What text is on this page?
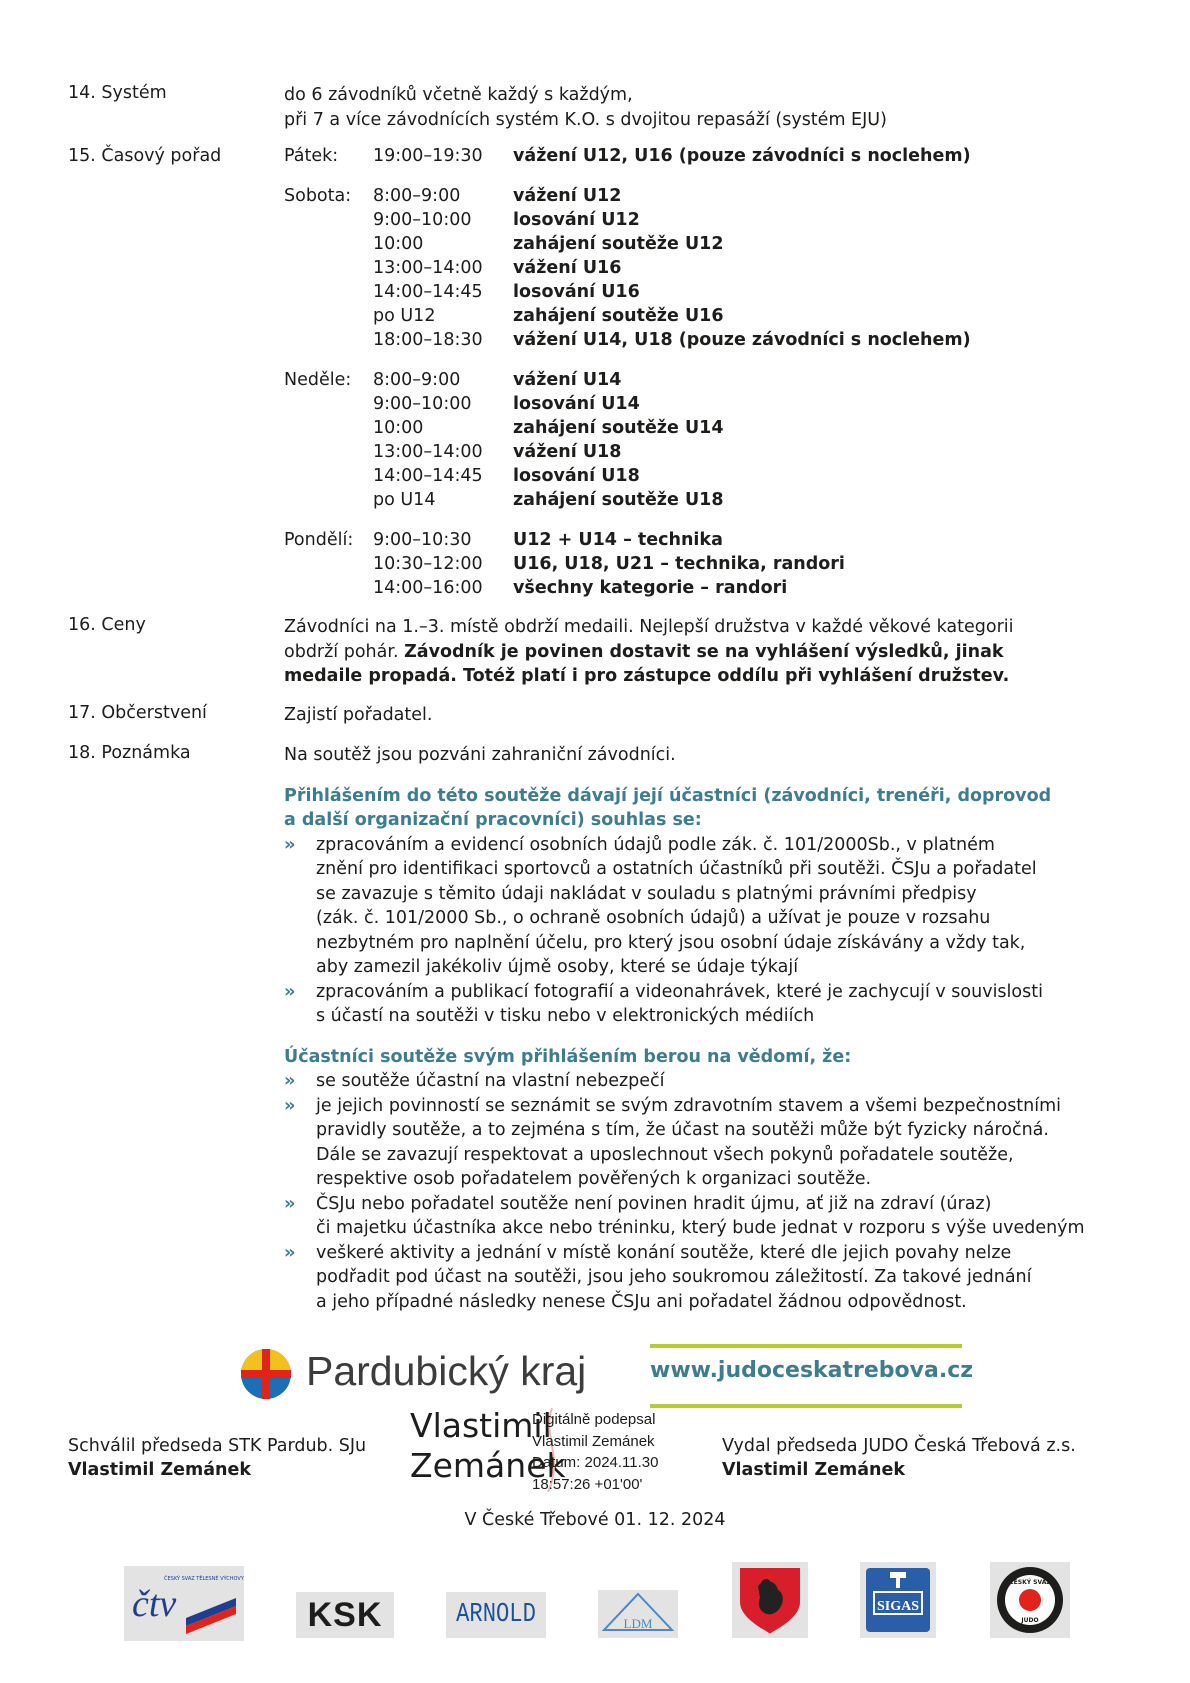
14. Systém	do 6 závodníků včetně každý s každým,
při 7 a více závodnících systém K.O. s dvojitou repasáží (systém EJU)
15. Časový pořad	Pátek:	19:00–19:30 vážení U12, U16 (pouze závodníci s noclehem)
Sobota:	8:00–9:00	vážení U12
9:00–10:00 losování U12
10:00	zahájení soutěže U12
13:00–14:00 vážení U16
14:00–14:45 losování U16
po U12	zahájení soutěže U16
18:00–18:30 vážení U14, U18 (pouze závodníci s noclehem)
Neděle:	8:00–9:00	vážení U14
9:00–10:00 losování U14
10:00	zahájení soutěže U14
13:00–14:00 vážení U18
14:00–14:45 losování U18
po U14	zahájení soutěže U18
Pondělí:	9:00–10:30 U12 + U14 – technika
10:30–12:00 U16, U18, U21 – technika, randori
14:00–16:00 všechny kategorie – randori
16. Ceny	Závodníci na 1.–3. místě obdrží medaili. Nejlepší družstva v každé věkové kategorii
obdrží pohár. Závodník je povinen dostavit se na vyhlášení výsledků, jinak
medaile propadá. Totéž platí i pro zástupce oddílu při vyhlášení družstev.
17. Občerstvení	Zajistí pořadatel.
18. Poznámka	Na soutěž jsou pozváni zahraniční závodníci.
Přihlášením do této soutěže dávají její účastníci (závodníci, trenéři, doprovod
a další organizační pracovníci) souhlas se:
›› zpracováním a evidencí osobních údajů podle zák. č. 101/2000Sb., v platném
znění pro identifikaci sportovců a ostatních účastníků při soutěži. ČSJu a pořadatel
se zavazuje s těmito údaji nakládat v souladu s platnými právními předpisy
(zák. č. 101/2000 Sb., o ochraně osobních údajů) a užívat je pouze v rozsahu
nezbytném pro naplnění účelu, pro který jsou osobní údaje získávány a vždy tak,
aby zamezil jakékoliv újmě osoby, které se údaje týkají
›› zpracováním a publikací fotografií a videonahrávek, které je zachycují v souvislosti
s účastí na soutěži v tisku nebo v elektronických médiích
Účastníci soutěže svým přihlášením berou na vědomí, že:
›› se soutěže účastní na vlastní nebezpečí
›› je jejich povinností se seznámit se svým zdravotním stavem a všemi bezpečnostními
pravidly soutěže, a to zejména s tím, že účast na soutěži může být fyzicky náročná.
Dále se zavazují respektovat a uposlechnout všech pokynů pořadatele soutěže,
respektive osob pořadatelem pověřených k organizaci soutěže.
›› ČSJu nebo pořadatel soutěže není povinen hradit újmu, ať již na zdraví (úraz)
či majetku účastníka akce nebo tréninku, který bude jednat v rozporu s výše uvedeným
›› veškeré aktivity a jednání v místě konání soutěže, které dle jejich povahy nelze
podřadit pod účast na soutěži, jsou jeho soukromou záležitostí. Za takové jednání
a jeho případné následky nenese ČSJu ani pořadatel žádnou odpovědnost.
Pardubický kraj	www.judoceskatrebova.cz
Schválil předseda STK Pardub. SJu
Vlastimil Zemánek
Vlastimil
Zemánek
Digitálně podepsal
Vlastimil Zemánek
Datum: 2024.11.30
18:57:26 +01'00'
Vydal předseda JUDO Česká Třebová z.s.
Vlastimil Zemánek
V České Třebové 01. 12. 2024
čtv
ČESKÝ SVAZ TĚLESNÉ VÝCHOVY
KSK	ARNOLD	LDM
SIGAS
ČESKÝ SVAZ
JUDO
